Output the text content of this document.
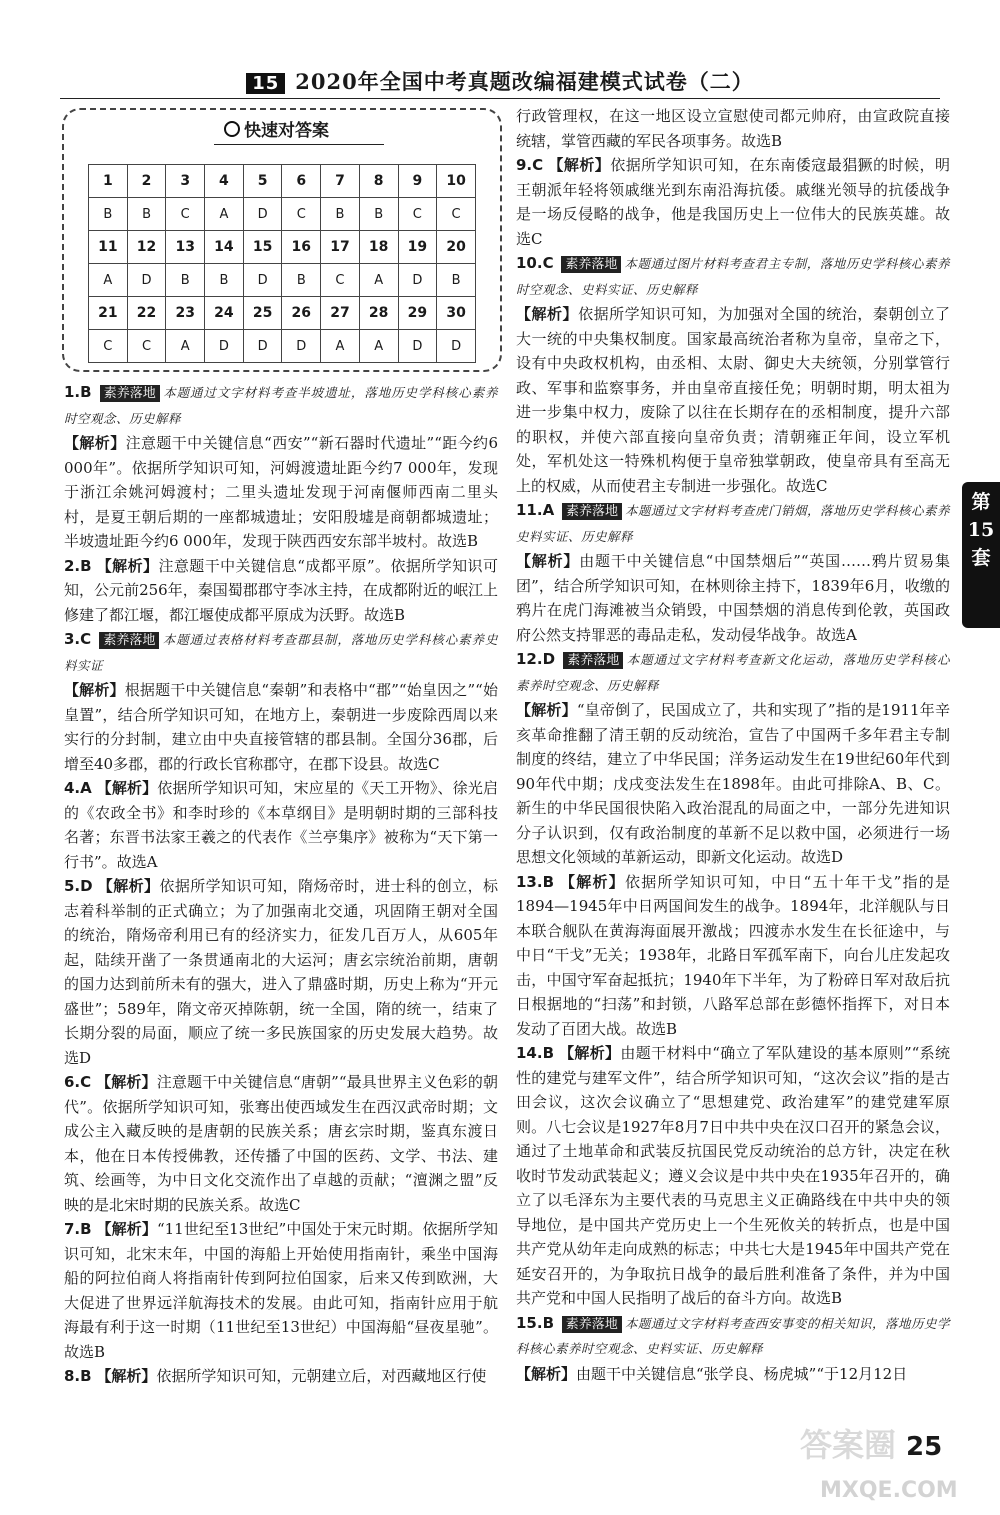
15 2020年全国中考真题改编福建模式试卷（二）
快速对答案
1	2	3	4	5	6	7	8	9	10
B	B	C	A	D	C	B	B	C	C
11	12	13	14	15	16	17	18	19	20
A	D	B	B	D	B	C	A	D	B
21	22	23	24	25	26	27	28	29	30
C	C	A	D	D	D	A	A	D	D
1.B 素养落地 本题通过文字材料考查半坡遗址，落地历史学科核心素养时空观念、历史解释
【解析】注意题干中关键信息“西安”“新石器时代遗址”“距今约6 000年”。依据所学知识可知，河姆渡遗址距今约7 000年，发现于浙江余姚河姆渡村；二里头遗址发现于河南偃师西南二里头村，是夏王朝后期的一座都城遗址；安阳殷墟是商朝都城遗址；半坡遗址距今约6 000年，发现于陕西西安东部半坡村。故选B
2.B 【解析】注意题干中关键信息“成都平原”。依据所学知识可知，公元前256年，秦国蜀郡郡守李冰主持，在成都附近的岷江上修建了都江堰，都江堰使成都平原成为沃野。故选B
3.C 素养落地 本题通过表格材料考查郡县制，落地历史学科核心素养史料实证
【解析】根据题干中关键信息“秦朝”和表格中“郡”“始皇因之”“始皇置”，结合所学知识可知，在地方上，秦朝进一步废除西周以来实行的分封制，建立由中央直接管辖的郡县制。全国分36郡，后增至40多郡，郡的行政长官称郡守，在郡下设县。故选C
4.A 【解析】依据所学知识可知，宋应星的《天工开物》、徐光启的《农政全书》和李时珍的《本草纲目》是明朝时期的三部科技名著；东晋书法家王羲之的代表作《兰亭集序》被称为“天下第一行书”。故选A
5.D 【解析】依据所学知识可知，隋炀帝时，进士科的创立，标志着科举制的正式确立；为了加强南北交通，巩固隋王朝对全国的统治，隋炀帝利用已有的经济实力，征发几百万人，从605年起，陆续开凿了一条贯通南北的大运河；唐玄宗统治前期，唐朝的国力达到前所未有的强大，进入了鼎盛时期，历史上称为“开元盛世”；589年，隋文帝灭掉陈朝，统一全国，隋的统一，结束了长期分裂的局面，顺应了统一多民族国家的历史发展大趋势。故选D
6.C 【解析】注意题干中关键信息“唐朝”“最具世界主义色彩的朝代”。依据所学知识可知，张骞出使西域发生在西汉武帝时期；文成公主入藏反映的是唐朝的民族关系；唐玄宗时期，鉴真东渡日本，他在日本传授佛教，还传播了中国的医药、文学、书法、建筑、绘画等，为中日文化交流作出了卓越的贡献；“澶渊之盟”反映的是北宋时期的民族关系。故选C
7.B 【解析】“11世纪至13世纪”中国处于宋元时期。依据所学知识可知，北宋末年，中国的海船上开始使用指南针，乘坐中国海船的阿拉伯商人将指南针传到阿拉伯国家，后来又传到欧洲，大大促进了世界远洋航海技术的发展。由此可知，指南针应用于航海最有利于这一时期（11世纪至13世纪）中国海船“昼夜星驰”。故选B
8.B 【解析】依据所学知识可知，元朝建立后，对西藏地区行使
行政管理权，在这一地区设立宣慰使司都元帅府，由宣政院直接统辖，掌管西藏的军民各项事务。故选B
9.C 【解析】依据所学知识可知，在东南倭寇最猖獗的时候，明王朝派年轻将领戚继光到东南沿海抗倭。戚继光领导的抗倭战争是一场反侵略的战争，他是我国历史上一位伟大的民族英雄。故选C
10.C 素养落地 本题通过图片材料考查君主专制，落地历史学科核心素养时空观念、史料实证、历史解释
【解析】依据所学知识可知，为加强对全国的统治，秦朝创立了大一统的中央集权制度。国家最高统治者称为皇帝，皇帝之下，设有中央政权机构，由丞相、太尉、御史大夫统领，分别掌管行政、军事和监察事务，并由皇帝直接任免；明朝时期，明太祖为进一步集中权力，废除了以往在长期存在的丞相制度，提升六部的职权，并使六部直接向皇帝负责；清朝雍正年间，设立军机处，军机处这一特殊机构便于皇帝独掌朝政，使皇帝具有至高无上的权威，从而使君主专制进一步强化。故选C
11.A 素养落地 本题通过文字材料考查虎门销烟，落地历史学科核心素养史料实证、历史解释
【解析】由题干中关键信息“中国禁烟后”“英国……鸦片贸易集团”，结合所学知识可知，在林则徐主持下，1839年6月，收缴的鸦片在虎门海滩被当众销毁，中国禁烟的消息传到伦敦，英国政府公然支持罪恶的毒品走私，发动侵华战争。故选A
12.D 素养落地 本题通过文字材料考查新文化运动，落地历史学科核心素养时空观念、历史解释
【解析】“皇帝倒了，民国成立了，共和实现了”指的是1911年辛亥革命推翻了清王朝的反动统治，宣告了中国两千多年君主专制制度的终结，建立了中华民国；洋务运动发生在19世纪60年代到90年代中期；戊戌变法发生在1898年。由此可排除A、B、C。新生的中华民国很快陷入政治混乱的局面之中，一部分先进知识分子认识到，仅有政治制度的革新不足以救中国，必须进行一场思想文化领域的革新运动，即新文化运动。故选D
13.B 【解析】依据所学知识可知，中日“五十年干戈”指的是1894—1945年中日两国间发生的战争。1894年，北洋舰队与日本联合舰队在黄海海面展开激战；四渡赤水发生在长征途中，与中日“干戈”无关；1938年，北路日军孤军南下，向台儿庄发起攻击，中国守军奋起抵抗；1940年下半年，为了粉碎日军对敌后抗日根据地的“扫荡”和封锁，八路军总部在彭德怀指挥下，对日本发动了百团大战。故选B
14.B 【解析】由题干材料中“确立了军队建设的基本原则”“系统性的建党与建军文件”，结合所学知识可知，“这次会议”指的是古田会议，这次会议确立了“思想建党、政治建军”的建党建军原则。八七会议是1927年8月7日中共中央在汉口召开的紧急会议，通过了土地革命和武装反抗国民党反动统治的总方针，决定在秋收时节发动武装起义；遵义会议是中共中央在1935年召开的，确立了以毛泽东为主要代表的马克思主义正确路线在中共中央的领导地位，是中国共产党历史上一个生死攸关的转折点，也是中国共产党从幼年走向成熟的标志；中共七大是1945年中国共产党在延安召开的，为争取抗日战争的最后胜利准备了条件，并为中国共产党和中国人民指明了战后的奋斗方向。故选B
15.B 素养落地 本题通过文字材料考查西安事变的相关知识，落地历史学科核心素养时空观念、史料实证、历史解释
【解析】由题干中关键信息“张学良、杨虎城”“于12月12日
第15套
答案圈
MXQE.COM
25
